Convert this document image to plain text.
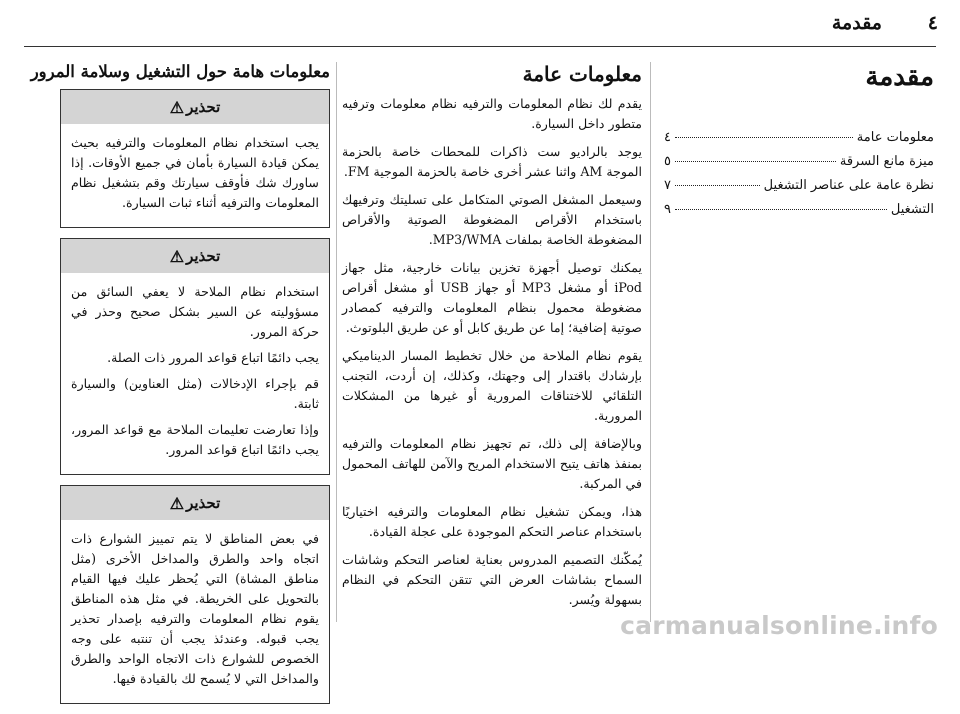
مقدمة ٤
مقدمة
معلومات عامة
٤
ميزة مانع السرقة
٥
نظرة عامة على عناصر التشغيل
٧
التشغيل
٩
معلومات عامة

يقدم لك نظام المعلومات والترفيه نظام معلومات وترفيه متطور داخل السيارة.

يوجد بالراديو ست ذاكرات للمحطات خاصة بالحزمة الموجة AM واثنا عشر أخرى خاصة بالحزمة الموجية FM.

وسيعمل المشغل الصوتي المتكامل على تسليتك وترفيهك باستخدام الأقراص المضغوطة الصوتية والأقراص المضغوطة الخاصة بملفات MP3/WMA.

يمكنك توصيل أجهزة تخزين بيانات خارجية، مثل جهاز iPod أو مشغل MP3 أو جهاز USB أو مشغل أقراص مضغوطة محمول بنظام المعلومات والترفيه كمصادر صوتية إضافية؛ إما عن طريق كابل أو عن طريق البلوتوث.

يقوم نظام الملاحة من خلال تخطيط المسار الديناميكي بإرشادك باقتدار إلى وجهتك، وكذلك، إن أردت، التجنب التلقائي للاختناقات المرورية أو غيرها من المشكلات المرورية.

وبالإضافة إلى ذلك، تم تجهيز نظام المعلومات والترفيه بمنفذ هاتف يتيح الاستخدام المريح والآمن للهاتف المحمول في المركبة.

هذا، ويمكن تشغيل نظام المعلومات والترفيه اختياريًا باستخدام عناصر التحكم الموجودة على عجلة القيادة.

يُمكّنك التصميم المدروس بعناية لعناصر التحكم وشاشات السماح بشاشات العرض التي تتقن التحكم في النظام بسهولة ويُسر.

معلومات هامة حول التشغيل وسلامة المرور
تحذير
⚠

يجب استخدام نظام المعلومات والترفيه بحيث يمكن قيادة السيارة بأمان في جميع الأوقات. إذا ساورك شك فأوقف سيارتك وقم بتشغيل نظام المعلومات والترفيه أثناء ثبات السيارة.

تحذير
⚠

استخدام نظام الملاحة لا يعفي السائق من مسؤوليته عن السير بشكل صحيح وحذر في حركة المرور.

يجب دائمًا اتباع قواعد المرور ذات الصلة.

قم بإجراء الإدخالات (مثل العناوين) والسيارة ثابتة.

وإذا تعارضت تعليمات الملاحة مع قواعد المرور، يجب دائمًا اتباع قواعد المرور.

تحذير
⚠

في بعض المناطق لا يتم تمييز الشوارع ذات اتجاه واحد والطرق والمداخل الأخرى (مثل مناطق المشاة) التي يُحظر عليك فيها القيام بالتحويل على الخريطة. في مثل هذه المناطق يقوم نظام المعلومات والترفيه بإصدار تحذير يجب قبوله. وعندئذ يجب أن تنتبه على وجه الخصوص للشوارع ذات الاتجاه الواحد والطرق والمداخل التي لا يُسمح لك بالقيادة فيها.

carmanualsonline.info
